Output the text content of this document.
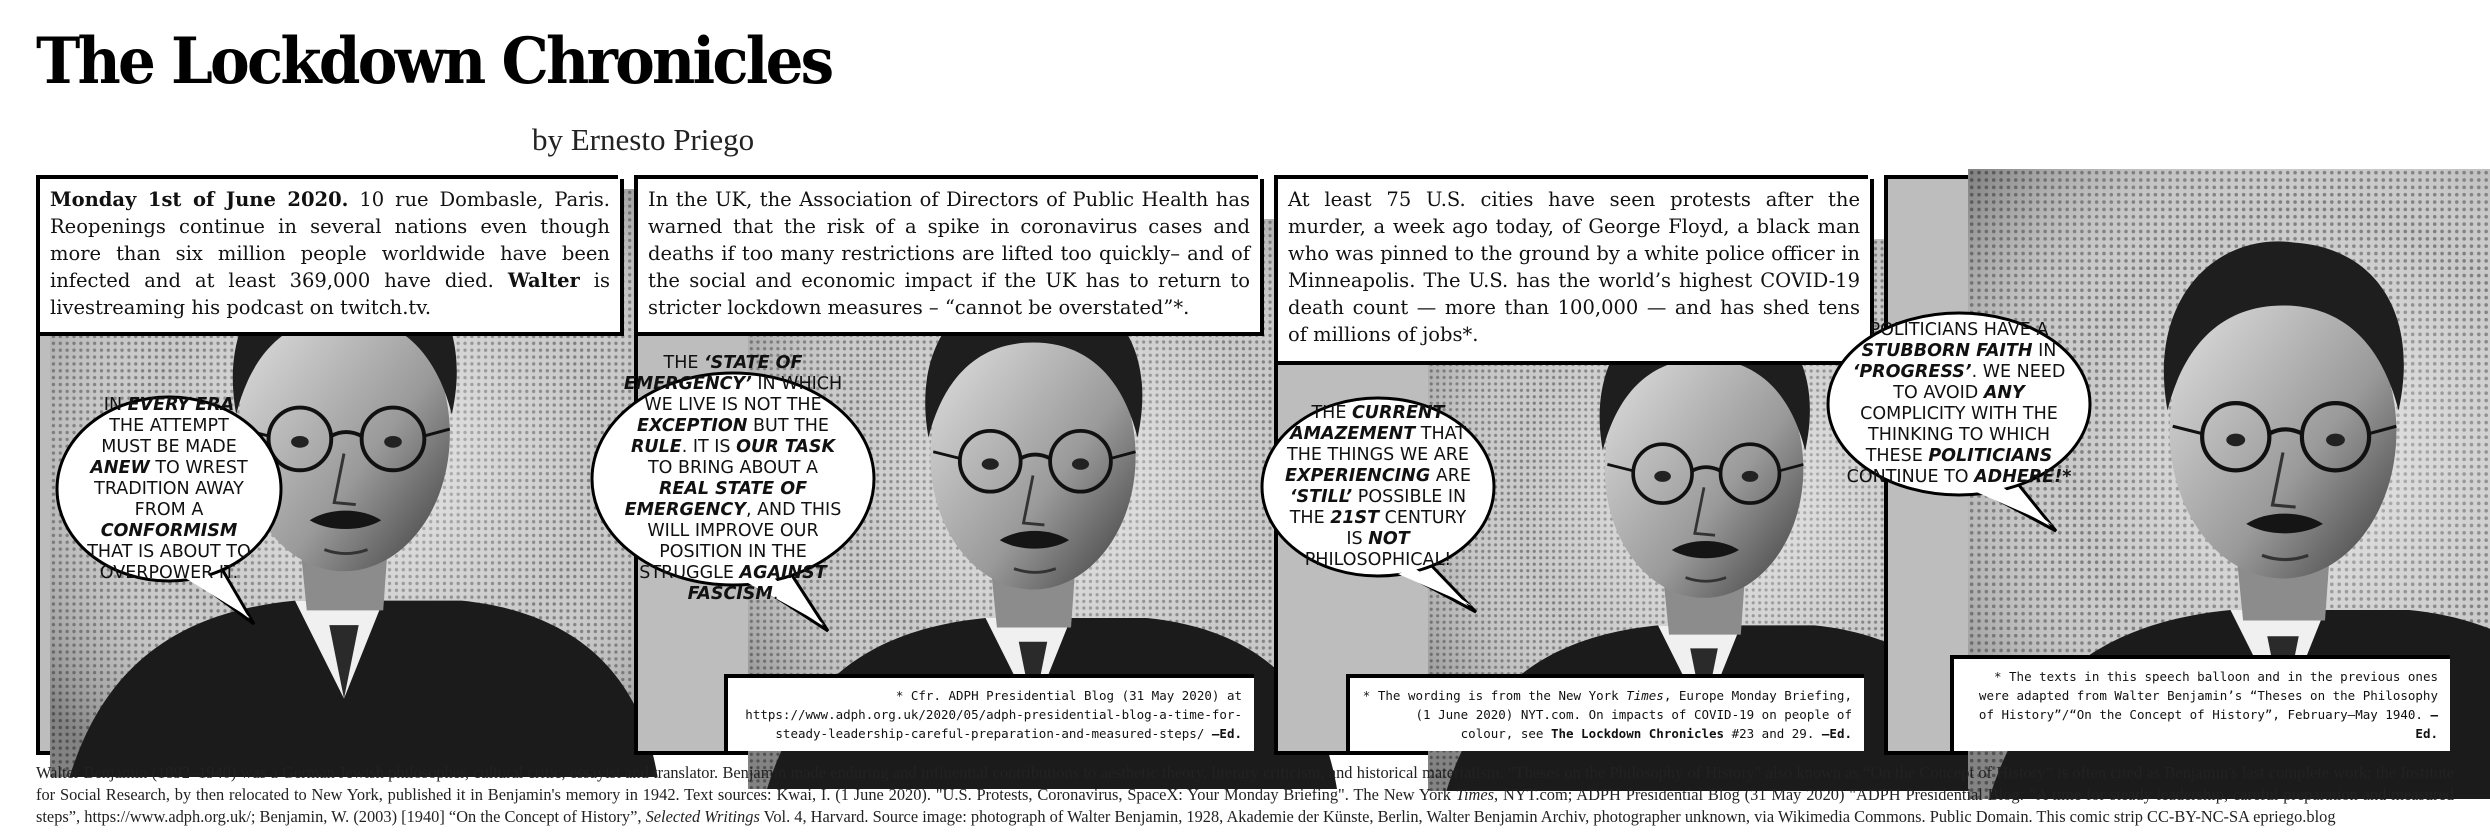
The Lockdown Chronicles

by Ernesto Priego

Monday 1st of June 2020. 10 rue Dombasle, Paris. Reopenings continue in several nations even though more than six million people worldwide have been infected and at least 369,000 have died. Walter is livestreaming his podcast on twitch.tv.
IN EVERY ERA THE ATTEMPT MUST BE MADE ANEW TO WREST TRADITION AWAY FROM A CONFORMISM THAT IS ABOUT TO OVERPOWER IT.
In the UK, the Association of Directors of Public Health has warned that the risk of a spike in coronavirus cases and deaths if too many restrictions are lifted too quickly– and of the social and economic impact if the UK has to return to stricter lockdown measures – “cannot be overstated”*.
THE ‘STATE OF EMERGENCY’ IN WHICH WE LIVE IS NOT THE EXCEPTION BUT THE RULE. IT IS OUR TASK TO BRING ABOUT A REAL STATE OF EMERGENCY, AND THIS WILL IMPROVE OUR POSITION IN THE STRUGGLE AGAINST FASCISM.
* Cfr. ADPH Presidential Blog (31 May 2020) at https://www.adph.org.uk/2020/05/adph-presidential-blog-a-time-for-steady-leadership-careful-preparation-and-measured-steps/ —Ed.
At least 75 U.S. cities have seen protests after the murder, a week ago today, of George Floyd, a black man who was pinned to the ground by a white police officer in Minneapolis. The U.S. has the world’s highest COVID-19 death count — more than 100,000 — and has shed tens of millions of jobs*.
THE CURRENT AMAZEMENT THAT THE THINGS WE ARE EXPERIENCING ARE ‘STILL’ POSSIBLE IN THE 21ST CENTURY IS NOT PHILOSOPHICAL!
* The wording is from the New York Times, Europe Monday Briefing, (1 June 2020) NYT.com. On impacts of COVID-19 on people of colour, see The Lockdown Chronicles #23 and 29. —Ed.
POLITICIANS HAVE A STUBBORN FAITH IN ‘PROGRESS’. WE NEED TO AVOID ANY COMPLICITY WITH THE THINKING TO WHICH THESE POLITICIANS CONTINUE TO ADHERE!*
* The texts in this speech balloon and in the previous ones were adapted from Walter Benjamin’s “Theses on the Philosophy of History”/“On the Concept of History”, February–May 1940. —Ed.

Walter Benjamin (1892–1940) was a German Jewish philosopher, cultural critic, essayist and translator. Benjamin made enduring and influential contributions to aesthetic theory, literary criticism, and historical materialism. "Theses on the Philosophy of History" also known as “On the Concept of History” is often cited as Benjamin's last complete work; the Institute for Social Research, by then relocated to New York, published it in Benjamin's memory in 1942. Text sources: Kwai, I. (1 June 2020). "U.S. Protests, Coronavirus, SpaceX: Your Monday Briefing". The New York Times, NYT.com; ADPH Presidential Blog (31 May 2020) "ADPH Presidential Blog: “A time for steady leadership, careful preparation and measured steps”, https://www.adph.org.uk/; Benjamin, W. (2003) [1940] “On the Concept of History”, Selected Writings Vol. 4, Harvard. Source image: photograph of Walter Benjamin, 1928, Akademie der Künste, Berlin, Walter Benjamin Archiv, photographer unknown, via Wikimedia Commons. Public Domain. This comic strip CC-BY-NC-SA epriego.blog
